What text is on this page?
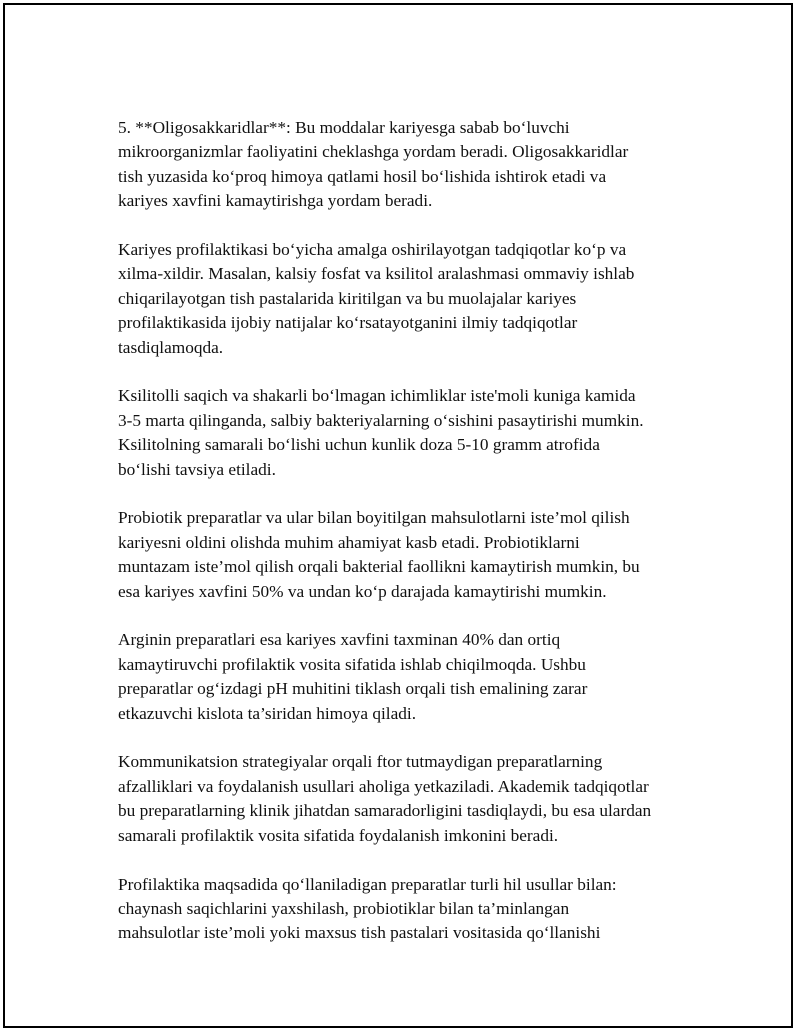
5. **Oligosakkaridlar**: Bu moddalar kariyesga sabab boʻluvchi
mikroorganizmlar faoliyatini cheklashga yordam beradi. Oligosakkaridlar
tish yuzasida koʻproq himoya qatlami hosil boʻlishida ishtirok etadi va
kariyes xavfini kamaytirishga yordam beradi.

Kariyes profilaktikasi boʻyicha amalga oshirilayotgan tadqiqotlar koʻp va
xilma-xildir. Masalan, kalsiy fosfat va ksilitol aralashmasi ommaviy ishlab
chiqarilayotgan tish pastalarida kiritilgan va bu muolajalar kariyes
profilaktikasida ijobiy natijalar koʻrsatayotganini ilmiy tadqiqotlar
tasdiqlamoqda.

Ksilitolli saqich va shakarli boʻlmagan ichimliklar iste'moli kuniga kamida
3-5 marta qilinganda, salbiy bakteriyalarning oʻsishini pasaytirishi mumkin.
Ksilitolning samarali boʻlishi uchun kunlik doza 5-10 gramm atrofida
boʻlishi tavsiya etiladi.

Probiotik preparatlar va ular bilan boyitilgan mahsulotlarni iste’mol qilish
kariyesni oldini olishda muhim ahamiyat kasb etadi. Probiotiklarni
muntazam iste’mol qilish orqali bakterial faollikni kamaytirish mumkin, bu
esa kariyes xavfini 50% va undan koʻp darajada kamaytirishi mumkin.

Arginin preparatlari esa kariyes xavfini taxminan 40% dan ortiq
kamaytiruvchi profilaktik vosita sifatida ishlab chiqilmoqda. Ushbu
preparatlar ogʻizdagi pH muhitini tiklash orqali tish emalining zarar
etkazuvchi kislota ta’siridan himoya qiladi.

Kommunikatsion strategiyalar orqali ftor tutmaydigan preparatlarning
afzalliklari va foydalanish usullari aholiga yetkaziladi. Akademik tadqiqotlar
bu preparatlarning klinik jihatdan samaradorligini tasdiqlaydi, bu esa ulardan
samarali profilaktik vosita sifatida foydalanish imkonini beradi.

Profilaktika maqsadida qoʻllaniladigan preparatlar turli hil usullar bilan:
chaynash saqichlarini yaxshilash, probiotiklar bilan ta’minlangan
mahsulotlar iste’moli yoki maxsus tish pastalari vositasida qoʻllanishi
